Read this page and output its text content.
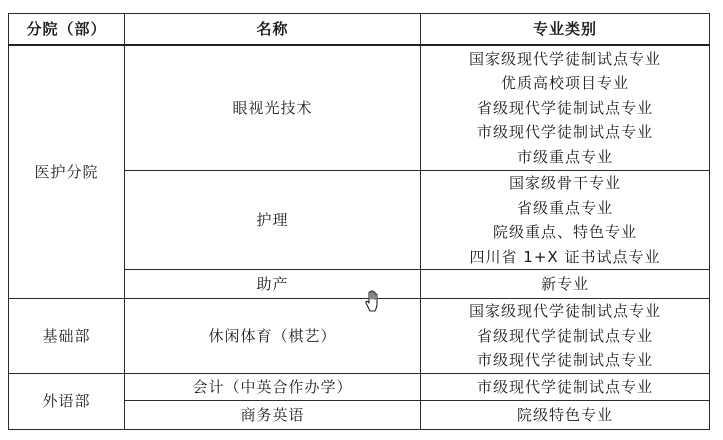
分院（部）	名称	专业类别
医护分院	眼视光技术	国家级现代学徒制试点专业
优质高校项目专业
省级现代学徒制试点专业
市级现代学徒制试点专业
市级重点专业

	护理	国家级骨干专业
省级重点专业
院级重点、特色专业
四川省 1+X 证书试点专业

	助产	新专业

基础部	休闲体育（棋艺）	国家级现代学徒制试点专业
省级现代学徒制试点专业
市级现代学徒制试点专业

外语部	会计（中英合作办学）	市级现代学徒制试点专业

	商务英语	院级特色专业
